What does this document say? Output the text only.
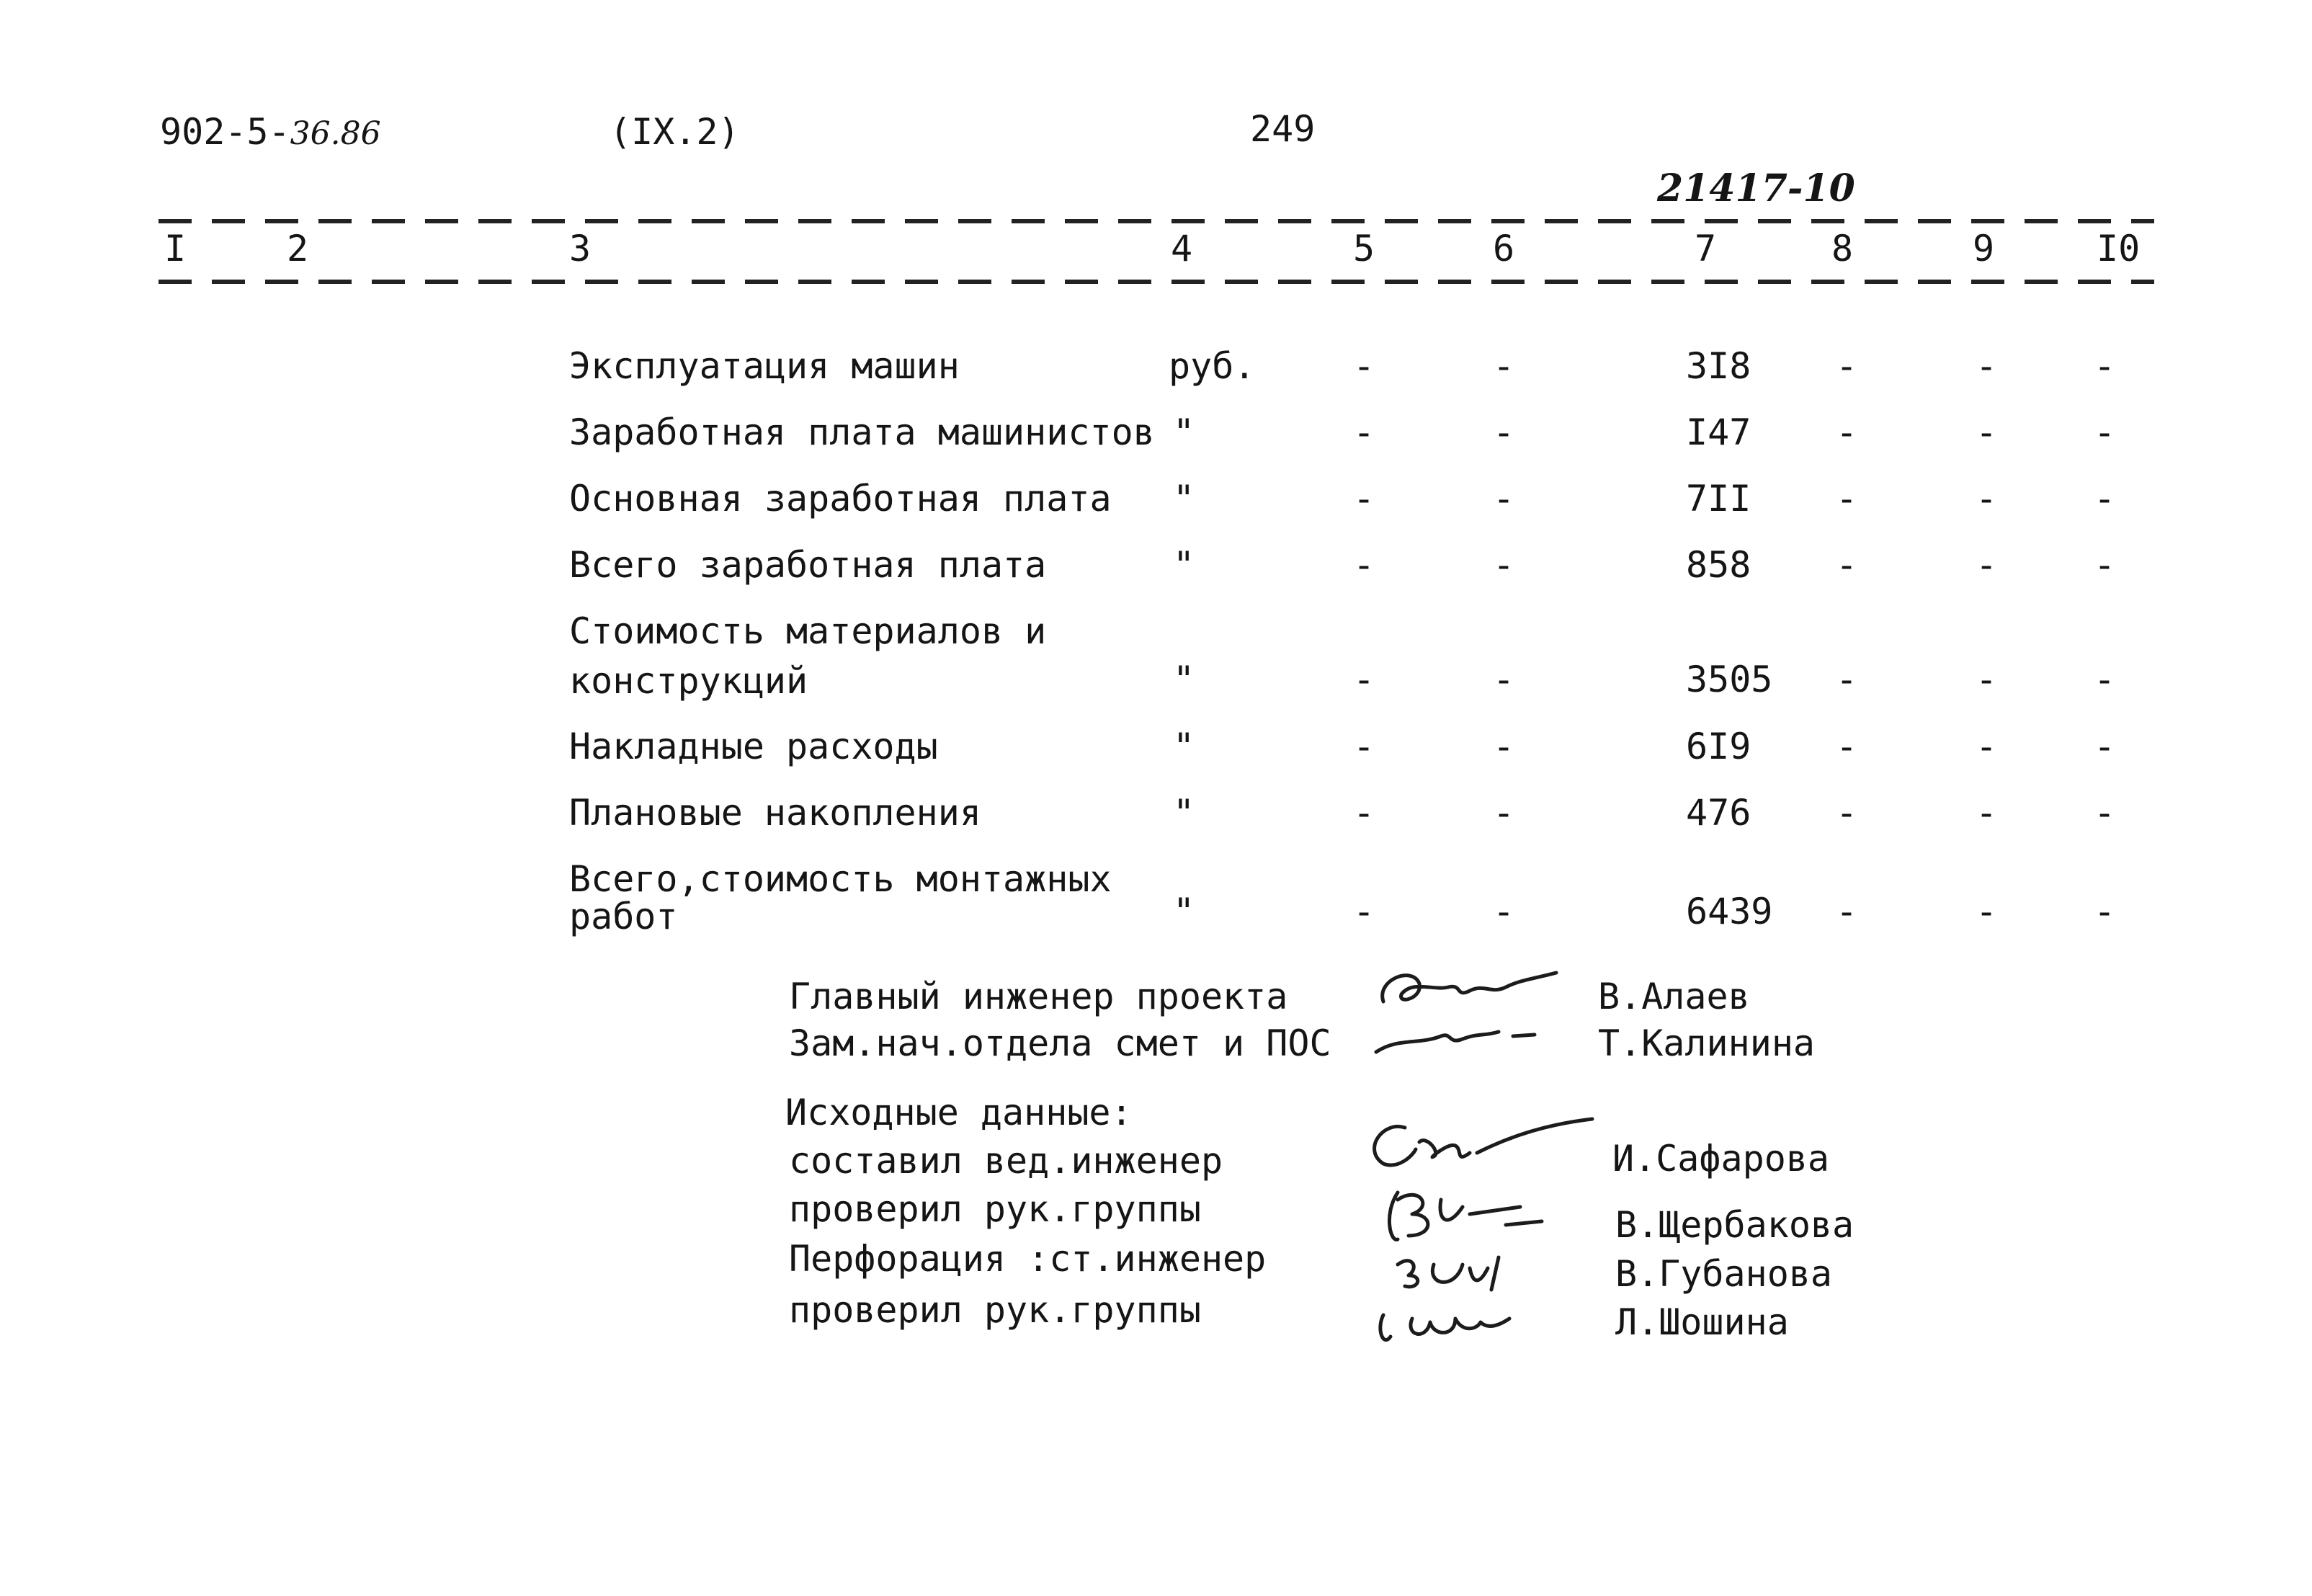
902-5-36.86	(IX.2)	249
21417-10
I	2	3	4	5	6	7	8	9	I0
Эксплуатация машин	руб.	-	-	3I8 -	-	-
Заработная плата машинистов "	-	-	I47 -	-	-
Основная заработная плата "	-	-	7II -	-	-
Всего заработная плата	"	-	-	858 -	-	-
Стоимость материалов и
конструкций	"	-	-	3505 -	-	-
Накладные расходы	"	-	-	6I9 -	-	-
Плановые накопления	"	-	-	476 -	-	-
Всего,стоимость монтажных
работ	"	-	-	6439 -	-	-
Главный инженер проекта	В.Алаев
Зам.нач.отдела смет и ПОС	Т.Калинина
Исходные данные:
составил вед.инженер	И.Сафарова
проверил рук.группы	В.Щербакова
Перфорация :ст.инженер	В.Губанова
проверил рук.группы	Л.Шошина
